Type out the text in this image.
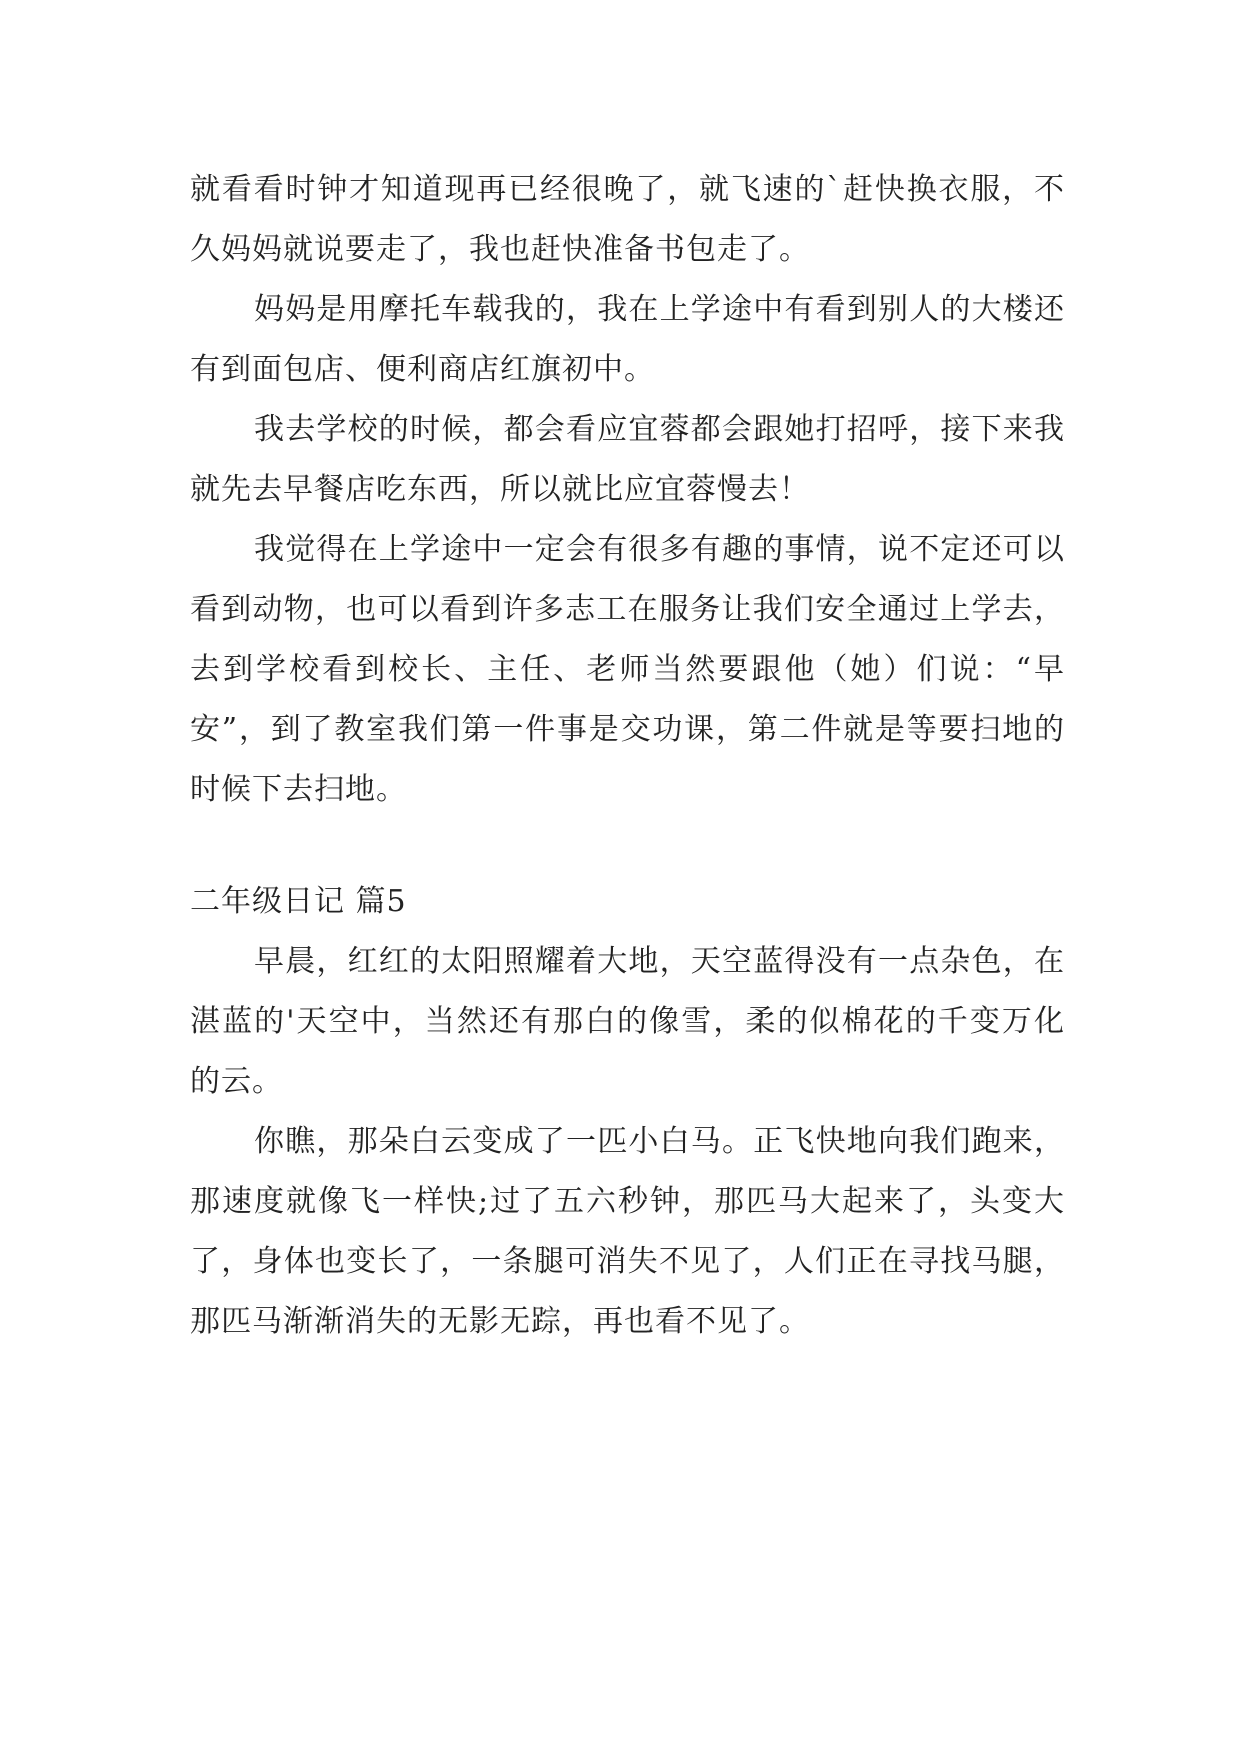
就看看时钟才知道现再已经很晚了，就飞速的`赶快换衣服，不久妈妈就说要走了，我也赶快准备书包走了。

妈妈是用摩托车载我的，我在上学途中有看到别人的大楼还有到面包店、便利商店红旗初中。

我去学校的时候，都会看应宜蓉都会跟她打招呼，接下来我就先去早餐店吃东西，所以就比应宜蓉慢去！

我觉得在上学途中一定会有很多有趣的事情，说不定还可以看到动物，也可以看到许多志工在服务让我们安全通过上学去，去到学校看到校长、主任、老师当然要跟他（她）们说：“早安”，到了教室我们第一件事是交功课，第二件就是等要扫地的时候下去扫地。

二年级日记 篇5

早晨，红红的太阳照耀着大地，天空蓝得没有一点杂色，在湛蓝的'天空中，当然还有那白的像雪，柔的似棉花的千变万化的云。

你瞧，那朵白云变成了一匹小白马。正飞快地向我们跑来，那速度就像飞一样快;过了五六秒钟，那匹马大起来了，头变大了，身体也变长了，一条腿可消失不见了，人们正在寻找马腿，那匹马渐渐消失的无影无踪，再也看不见了。
